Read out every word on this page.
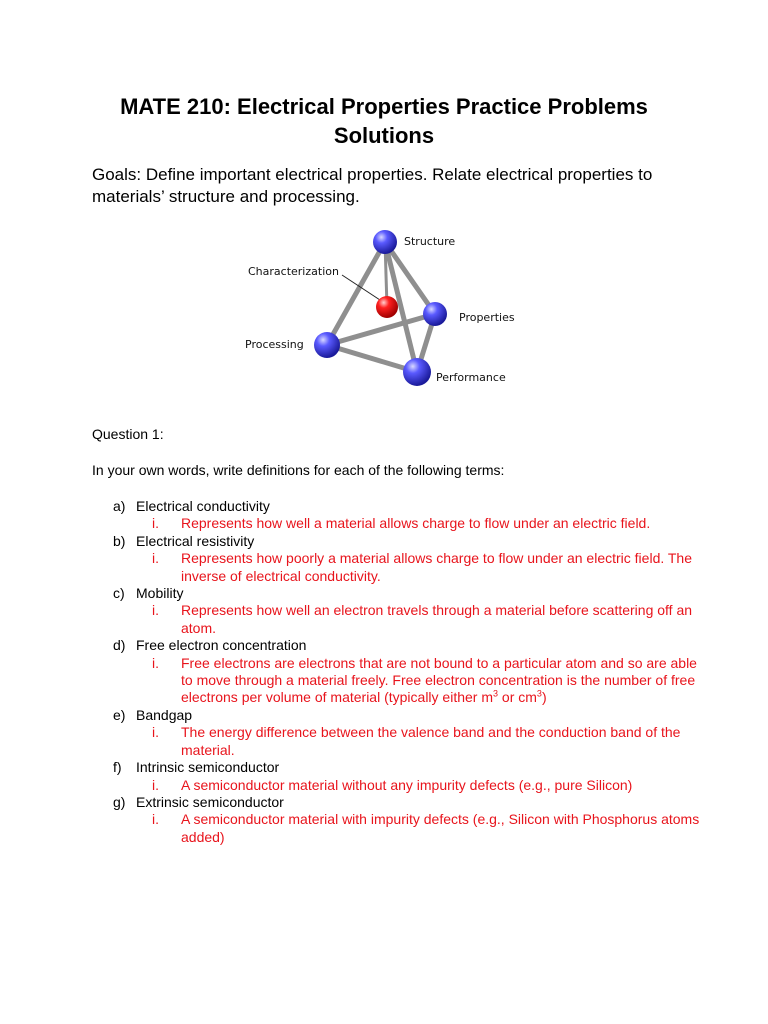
MATE 210: Electrical Properties Practice Problems
Solutions
Goals: Define important electrical properties. Relate electrical properties to materials’ structure and processing.
Structure
Characterization
Properties
Processing
Performance
Question 1:
In your own words, write definitions for each of the following terms:
a) Electrical conductivity
i. Represents how well a material allows charge to flow under an electric field.
b) Electrical resistivity
i. Represents how poorly a material allows charge to flow under an electric field. The inverse of electrical conductivity.
c) Mobility
i. Represents how well an electron travels through a material before scattering off an atom.
d) Free electron concentration
i. Free electrons are electrons that are not bound to a particular atom and so are able to move through a material freely. Free electron concentration is the number of free electrons per volume of material (typically either $m^3$ or $cm^3$)
e) Bandgap
i. The energy difference between the valence band and the conduction band of the material.
f) Intrinsic semiconductor
i. A semiconductor material without any impurity defects (e.g., pure Silicon)
g) Extrinsic semiconductor
i. A semiconductor material with impurity defects (e.g., Silicon with Phosphorus atoms added)
